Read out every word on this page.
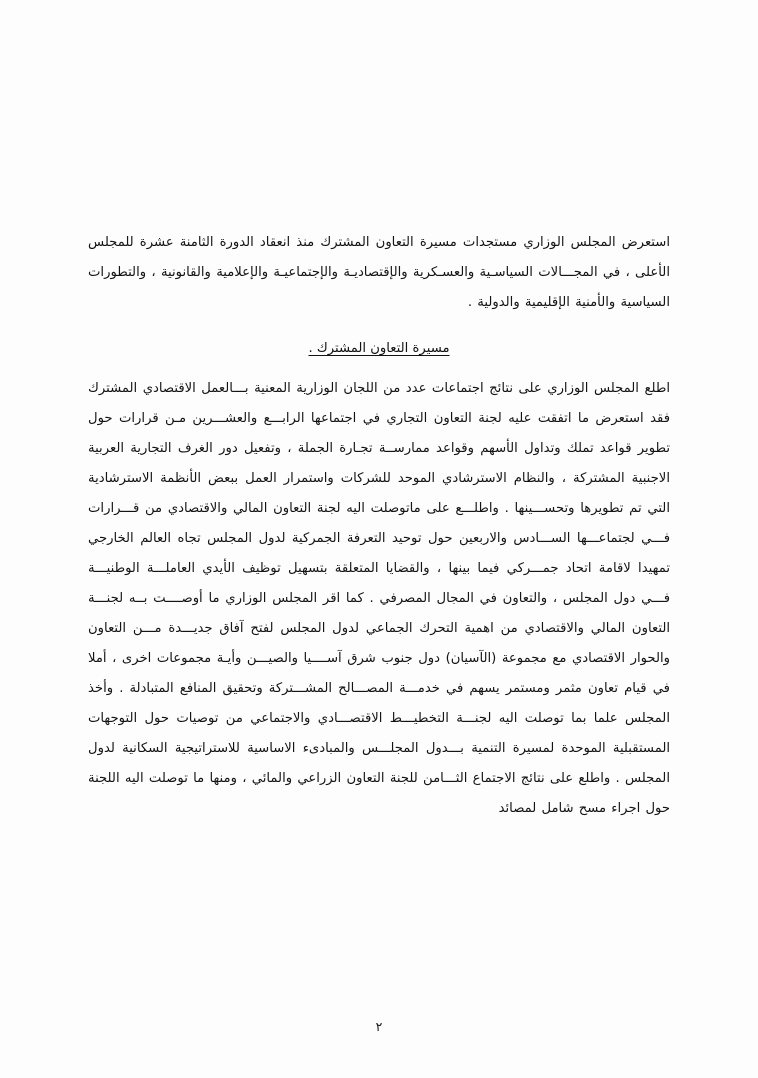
استعرض المجلس الوزاري مستجدات مسيرة التعاون المشترك منذ انعقاد الدورة الثامنة عشرة للمجلس الأعلى ، في المجـــالات السياسـية والعسـكرية والإقتصاديـة والإجتماعيـة والإعلامية والقانونية ، والتطورات السياسية والأمنية الإقليمية والدولية .

مسيرة التعاون المشترك .

اطلع المجلس الوزاري على نتائج اجتماعات عدد من اللجان الوزارية المعنية بـــالعمل الاقتصادي المشترك فقد استعرض ما اتفقت عليه لجنة التعاون التجاري في اجتماعها الرابـــع والعشـــرين مـن قرارات حول تطوير قواعد تملك وتداول الأسهم وقواعد ممارســة تجـارة الجملة ، وتفعيل دور الغرف التجارية العربية الاجنبية المشتركة ، والنظام الاسترشادي الموحد للشركات واستمرار العمل ببعض الأنظمة الاسترشادية التي تم تطويرها وتحســـينها . واطلـــع على ماتوصلت اليه لجنة التعاون المالي والاقتصادي من قـــرارات فـــي لجتماعـــها الســـادس والاربعين حول توحيد التعرفة الجمركية لدول المجلس تجاه العالم الخارجي تمهيدا لاقامة اتحاد جمـــركي فيما بينها ، والقضايا المتعلقة بتسهيل توظيف الأيدي العاملـــة الوطنيـــة فـــي دول المجلس ، والتعاون في المجال المصرفي . كما اقر المجلس الوزاري ما أوصــــت بــه لجنـــة التعاون المالي والاقتصادي من اهمية التحرك الجماعي لدول المجلس لفتح آفاق جديـــدة مـــن التعاون والحوار الاقتصادي مع مجموعة (الآسيان) دول جنوب شرق آســــيا والصيـــن وأيـة مجموعات اخرى ، أملا في قيام تعاون مثمر ومستمر يسهم في خدمـــة المصـــالح المشـــتركة وتحقيق المنافع المتبادلة . وأخذ المجلس علما بما توصلت اليه لجنـــة التخطيـــط الاقتصـــادي والاجتماعي من توصيات حول التوجهات المستقبلية الموحدة لمسيرة التنمية بـــدول المجلـــس والمبادىء الاساسية للاستراتيجية السكانية لدول المجلس . واطلع على نتائج الاجتماع الثـــامن للجنة التعاون الزراعي والمائي ، ومنها ما توصلت اليه اللجنة حول اجراء مسح شامل لمصائد

٢
